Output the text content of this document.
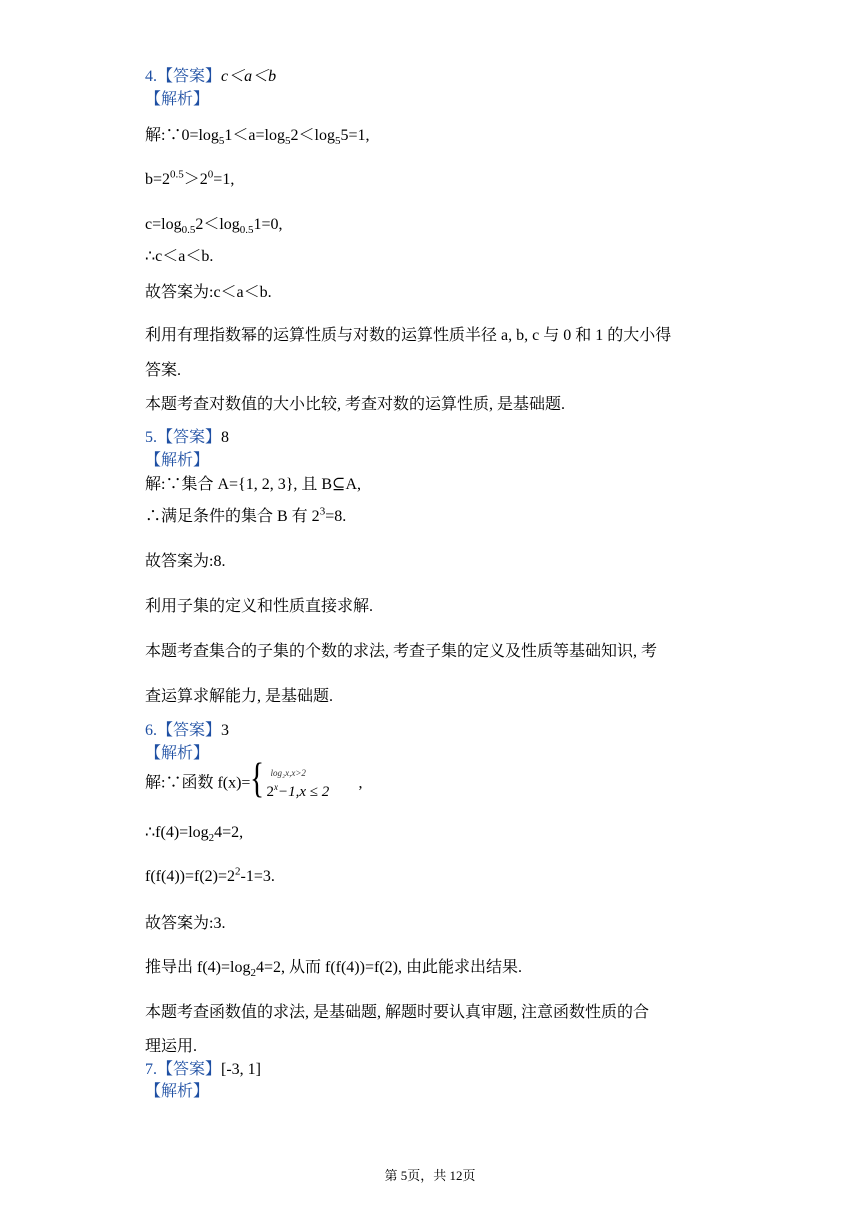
4.【答案】c＜a＜b
【解析】
解$:\because 0=\log_51<a=\log_52<\log_55=1$,
$b=2^{0.5}>2^0=1$,
$c=\log_{0.5}2<\log_{0.5}1=0$,
∴c＜a＜b.
故答案为:c＜a＜b.
利用有理指数幂的运算性质与对数的运算性质半径 a, b, c 与 0 和 1 的大小得
答案.
本题考查对数值的大小比较, 考查对数的运算性质, 是基础题.
5.【答案】8
【解析】
解:∵集合 A={1, 2, 3}, 且 B⊆A,
∴满足条件的集合 B 有 $2^3=8$.
故答案为:8.
利用子集的定义和性质直接求解.
本题考查集合的子集的个数的求法, 考查子集的定义及性质等基础知识, 考
查运算求解能力, 是基础题.
6.【答案】3
【解析】
解:∵函数 f(x)= { log₂x,x>2
$2^x-1,x \le 2$
,
$\therefore f(4)=\log_24=2$,
$f(f(4))=f(2)=2^2-1=3$.
故答案为:3.
推导出 $f(4)=\log_24=2$, 从而 f(f(4))=f(2), 由此能求出结果.
本题考查函数值的求法, 是基础题, 解题时要认真审题, 注意函数性质的合
理运用.
7.【答案】[-3, 1]
【解析】
第 5页，共 12页
